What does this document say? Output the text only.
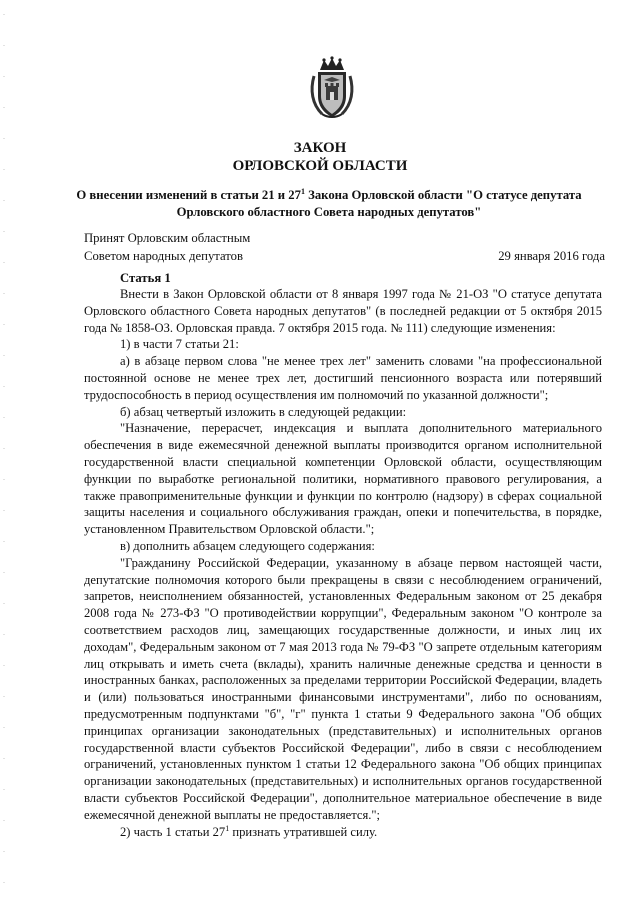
ЗАКОН
ОРЛОВСКОЙ ОБЛАСТИ
О внесении изменений в статьи 21 и $27^1$ Закона Орловской области "О статусе депутата Орловского областного Совета народных депутатов"
Принят Орловским областным
Советом народных депутатов	29 января 2016 года
Статья 1

Внести в Закон Орловской области от 8 января 1997 года № 21-ОЗ "О статусе депутата Орловского областного Совета народных депутатов" (в последней редакции от 5 октября 2015 года № 1858-ОЗ. Орловская правда. 7 октября 2015 года. № 111) следующие изменения:

1) в части 7 статьи 21:

а) в абзаце первом слова "не менее трех лет" заменить словами "на профессиональной постоянной основе не менее трех лет, достигший пенсионного возраста или потерявший трудоспособность в период осуществления им полномочий по указанной должности";

б) абзац четвертый изложить в следующей редакции:

"Назначение, перерасчет, индексация и выплата дополнительного материального обеспечения в виде ежемесячной денежной выплаты производится органом исполнительной государственной власти специальной компетенции Орловской области, осуществляющим функции по выработке региональной политики, нормативного правового регулирования, а также правоприменительные функции и функции по контролю (надзору) в сферах социальной защиты населения и социального обслуживания граждан, опеки и попечительства, в порядке, установленном Правительством Орловской области.";

в) дополнить абзацем следующего содержания:

"Гражданину Российской Федерации, указанному в абзаце первом настоящей части, депутатские полномочия которого были прекращены в связи с несоблюдением ограничений, запретов, неисполнением обязанностей, установленных Федеральным законом от 25 декабря 2008 года № 273-ФЗ "О противодействии коррупции", Федеральным законом "О контроле за соответствием расходов лиц, замещающих государственные должности, и иных лиц их доходам", Федеральным законом от 7 мая 2013 года № 79-ФЗ "О запрете отдельным категориям лиц открывать и иметь счета (вклады), хранить наличные денежные средства и ценности в иностранных банках, расположенных за пределами территории Российской Федерации, владеть и (или) пользоваться иностранными финансовыми инструментами", либо по основаниям, предусмотренным подпунктами "б", "г" пункта 1 статьи 9 Федерального закона "Об общих принципах организации законодательных (представительных) и исполнительных органов государственной власти субъектов Российской Федерации", либо в связи с несоблюдением ограничений, установленных пунктом 1 статьи 12 Федерального закона "Об общих принципах организации законодательных (представительных) и исполнительных органов государственной власти субъектов Российской Федерации", дополнительное материальное обеспечение в виде ежемесячной денежной выплаты не предоставляется.";

2) часть 1 статьи $27^1$ признать утратившей силу.
